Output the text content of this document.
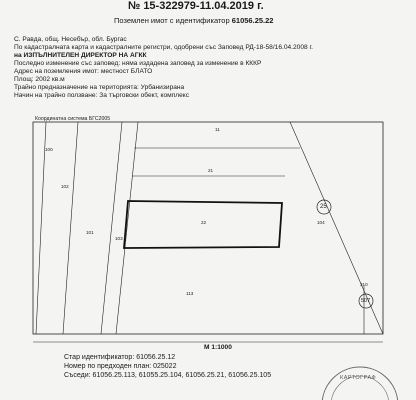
№ 15-322979-11.04.2019 г.
Поземлен имот с идентификатор 61056.25.22
С. Равда, общ. Несебър, обл. Бургас
По кадастралната карта и кадастралните регистри, одобрени със Заповед РД-18-58/16.04.2008 г.
на ИЗПЪЛНИТЕЛЕН ДИРЕКТОР НА АГКК
Последно изменение със заповед: няма издадена заповед за изменение в КККР
Адрес на поземления имот: местност БЛАТО
Площ: 2002 кв.м
Трайно предназначение на територията: Урбанизирана
Начин на трайно ползване: За търговски обект, комплекс
Координатна система БГС2005
11
21
22
113
100
102
101
103
104
310
25
507
М 1:1000
Стар идентификатор: 61056.25.12
Номер по предходен план: 025022
Съседи: 61056.25.113, 61055.25.104, 61056.25.21, 61056.25.105	КАРТОГРАФ
